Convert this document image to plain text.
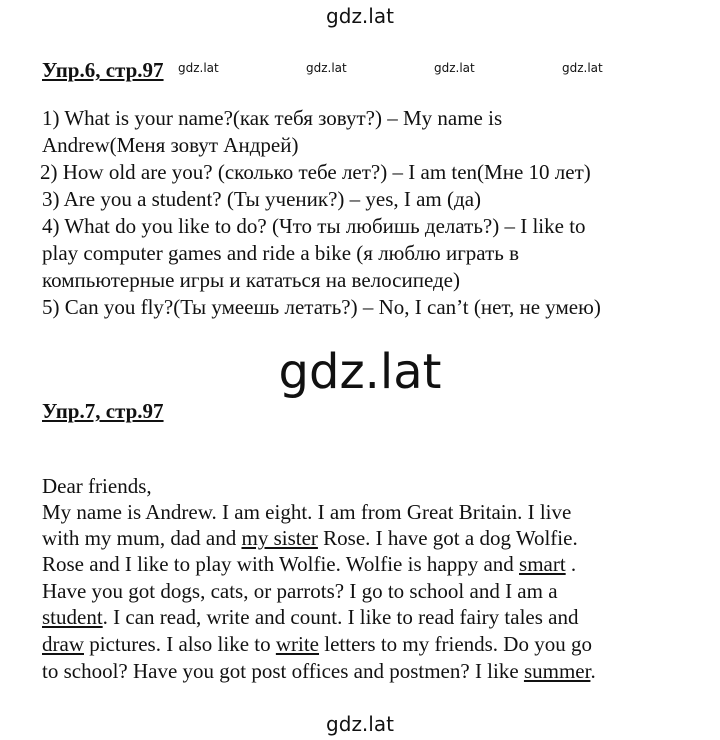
gdz.lat
Упр.6, стр.97 gdz.lat	gdz.lat	gdz.lat	gdz.lat
1) What is your name?(как тебя зовут?) – My name is
Andrew(Меня зовут Андрей)
2) How old are you? (сколько тебе лет?) – I am ten(Мне 10 лет)
3) Are you a student? (Ты ученик?) – yes, I am (да)
4) What do you like to do? (Что ты любишь делать?) – I like to
play computer games and ride a bike (я люблю играть в
компьютерные игры и кататься на велосипеде)
5) Can you fly?(Ты умеешь летать?) – No, I can’t (нет, не умею)
gdz.lat
Упр.7, стр.97
Dear friends,
My name is Andrew. I am eight. I am from Great Britain. I live
with my mum, dad and my sister Rose. I have got a dog Wolfie.
Rose and I like to play with Wolfie. Wolfie is happy and smart .
Have you got dogs, cats, or parrots? I go to school and I am a
student. I can read, write and count. I like to read fairy tales and
draw pictures. I also like to write letters to my friends. Do you go
to school? Have you got post offices and postmen? I like summer.
gdz.lat
